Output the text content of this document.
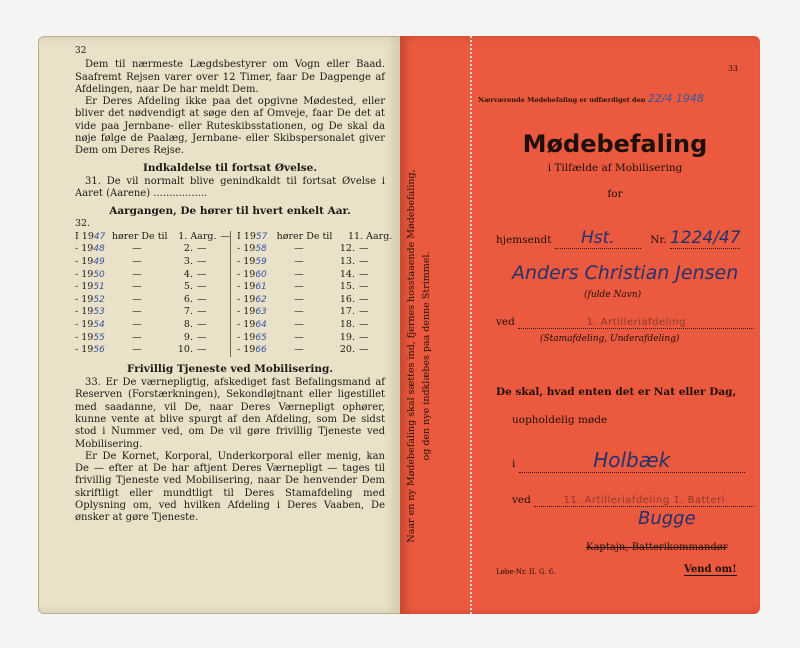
32
Dem til nærmeste Lægdsbestyrer om Vogn eller Baad. Saafremt Rejsen varer over 12 Timer, faar De Dagpenge af Afdelingen, naar De har meldt Dem.
Er Deres Afdeling ikke paa det opgivne Mødested, eller bliver det nødvendigt at søge den af Omveje, faar De det at vide paa Jernbane- eller Ruteskibsstationen, og De skal da nøje følge de Paalæg, Jernbane- eller Skibspersonalet giver Dem om Deres Rejse.
Indkaldelse til fortsat Øvelse.
31. De vil normalt blive genindkaldt til fortsat Øvelse i Aaret (Aarene) .................
Aargangen, De hører til hvert enkelt Aar.
32.
I 1947 hører De til	1. Aarg. —
- 1948	—	2. —
- 1949	—	3. —
- 1950	—	4. —
- 1951	—	5. —
- 1952	—	6. —
- 1953	—	7. —
- 1954	—	8. —
- 1955	—	9. —
- 1956	—	10. —
I 1957 hører De til	11. Aarg.
- 1958	—	12. —
- 1959	—	13. —
- 1960	—	14. —
- 1961	—	15. —
- 1962	—	16. —
- 1963	—	17. —
- 1964	—	18. —
- 1965	—	19. —
- 1966	—	20. —
Frivillig Tjeneste ved Mobilisering.
33. Er De værnepligtig, afskediget fast Befalingsmand af Reserven (Forstærkningen), Sekondløjtnant eller ligestillet med saadanne, vil De, naar Deres Værnepligt ophører, kunne vente at blive spurgt af den Afdeling, som De sidst stod i Nummer ved, om De vil gøre frivillig Tjeneste ved Mobilisering.
Er De Kornet, Korporal, Underkorporal eller menig, kan De — efter at De har aftjent Deres Værnepligt — tages til frivillig Tjeneste ved Mobilisering, naar De henvender Dem skriftligt eller mundtligt til Deres Stamafdeling med Oplysning om, ved hvilken Afdeling i Deres Vaaben, De ønsker at gøre Tjeneste.	Naar en ny Mødebefaling skal sættes ind, fjernes hosstaaende Mødebefaling, og den nye indklæbes paa denne Strimmel.
33
Nærværende Mødebefaling er udfærdiget den 22/4 1948
Mødebefaling
i Tilfælde af Mobilisering
for
hjemsendt Hst.	Nr. 1224/47
Anders Christian Jensen
(fulde Navn)
ved	1. Artilleriafdeling
(Stamafdeling, Underafdeling)
De skal, hvad enten det er Nat eller Dag,
uopholdelig møde
i	Holbæk
ved	11. Artilleriafdeling 1. Batteri
Bugge
Kaptajn, Batterikommandør
Løbe-Nr. II. G. 6.	Vend om!
